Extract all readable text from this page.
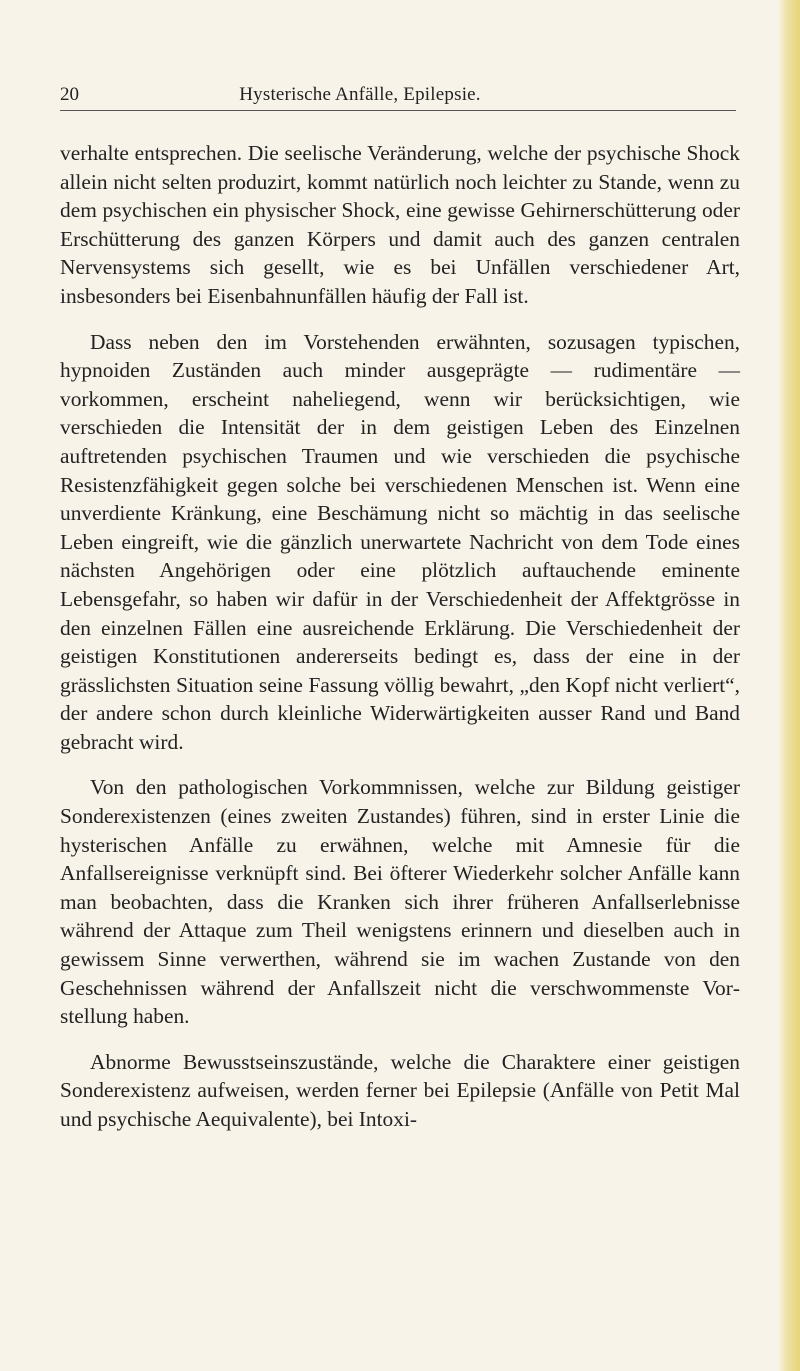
20	Hysterische Anfälle, Epilepsie.

verhalte entsprechen. Die seelische Veränderung, welche der psychische Shock allein nicht selten produzirt, kommt natürlich noch leichter zu Stande, wenn zu dem psychischen ein physischer Shock, eine gewisse Gehirnerschütterung oder Erschütterung des ganzen Körpers und damit auch des ganzen centralen Nervensystems sich gesellt, wie es bei Unfällen verschiedener Art, insbesonders bei Eisenbahnunfällen häufig der Fall ist.

Dass neben den im Vorstehenden erwähnten, sozusagen typischen, hypnoiden Zuständen auch minder ausgeprägte — rudimentäre — vorkommen, erscheint naheliegend, wenn wir berücksichtigen, wie verschieden die Intensität der in dem geistigen Leben des Einzelnen auftretenden psychischen Traumen und wie verschieden die psychische Resistenzfähigkeit gegen solche bei verschiedenen Menschen ist. Wenn eine unverdiente Kränkung, eine Beschämung nicht so mächtig in das seelische Leben eingreift, wie die gänzlich unerwartete Nachricht von dem Tode eines nächsten Angehörigen oder eine plötzlich auftauchende eminente Lebensgefahr, so haben wir dafür in der Verschiedenheit der Affektgrösse in den einzelnen Fällen eine ausreichende Erklärung. Die Verschiedenheit der geistigen Konstitutionen andererseits bedingt es, dass der eine in der grässlichsten Situation seine Fassung völlig bewahrt, „den Kopf nicht verliert“, der andere schon durch kleinliche Widerwärtigkeiten ausser Rand und Band gebracht wird.

Von den pathologischen Vorkommnissen, welche zur Bildung geistiger Sonderexistenzen (eines zweiten Zustandes) führen, sind in erster Linie die hysterischen Anfälle zu erwähnen, welche mit Amnesie für die Anfallsereignisse verknüpft sind. Bei öfterer Wiederkehr solcher Anfälle kann man beobachten, dass die Kranken sich ihrer früheren Anfallserlebnisse während der Attaque zum Theil wenigstens erinnern und dieselben auch in gewissem Sinne verwerthen, während sie im wachen Zustande von den Geschehnissen während der Anfallszeit nicht die verschwommenste Vorstellung haben.

Abnorme Bewusstseinszustände, welche die Charaktere einer geistigen Sonderexistenz aufweisen, werden ferner bei Epilepsie (Anfälle von Petit Mal und psychische Aequivalente), bei Intoxi-
